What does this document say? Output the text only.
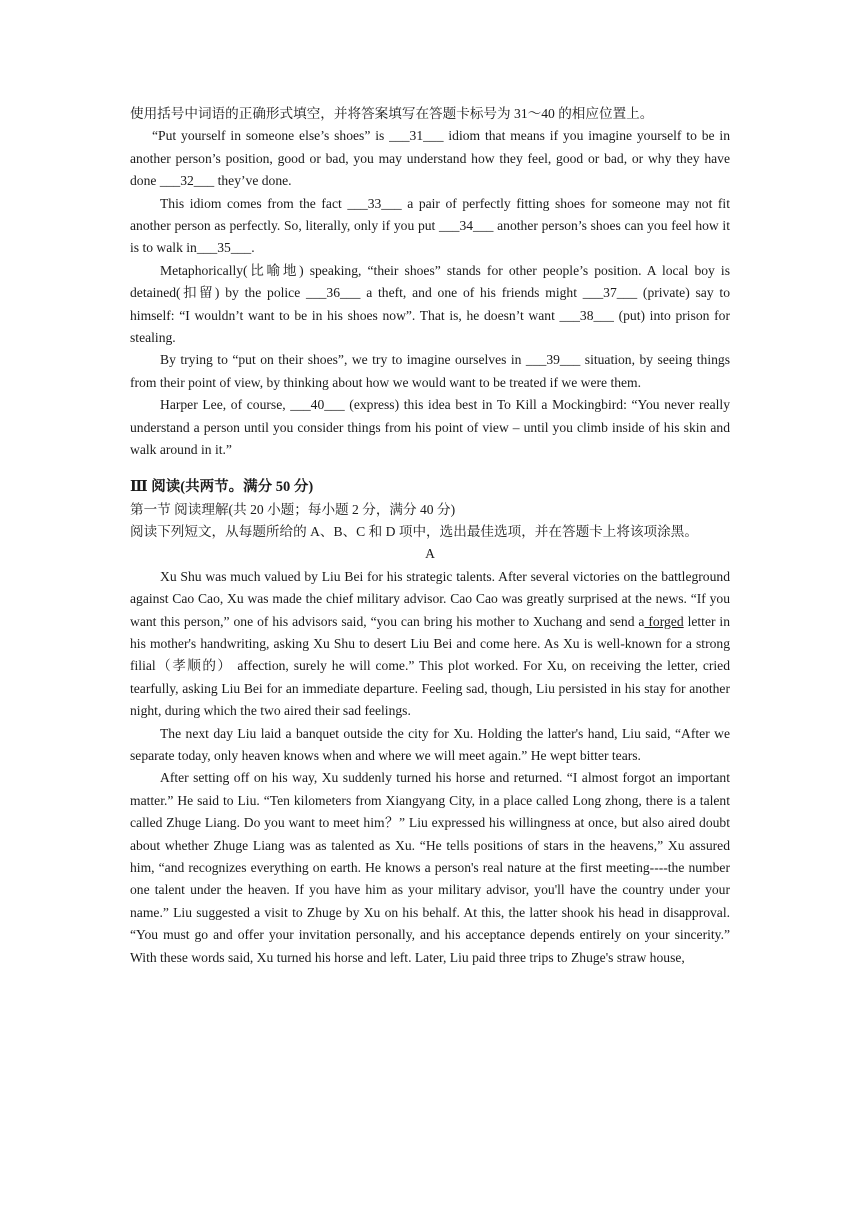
使用括号中词语的正确形式填空，并将答案填写在答题卡标号为 31～40 的相应位置上。

“Put yourself in someone else’s shoes” is ___31___ idiom that means if you imagine yourself to be in another person’s position, good or bad, you may understand how they feel, good or bad, or why they have done ___32___ they’ve done.

This idiom comes from the fact ___33___ a pair of perfectly fitting shoes for someone may not fit another person as perfectly. So, literally, only if you put ___34___ another person’s shoes can you feel how it is to walk in___35___.

Metaphorically(比喻地) speaking, “their shoes” stands for other people’s position. A local boy is detained(扣留) by the police ___36___ a theft, and one of his friends might ___37___ (private) say to himself: “I wouldn’t want to be in his shoes now”. That is, he doesn’t want ___38___ (put) into prison for stealing.

By trying to “put on their shoes”, we try to imagine ourselves in ___39___ situation, by seeing things from their point of view, by thinking about how we would want to be treated if we were them.

Harper Lee, of course, ___40___ (express) this idea best in To Kill a Mockingbird: “You never really understand a person until you consider things from his point of view – until you climb inside of his skin and walk around in it.”

Ⅲ 阅读(共两节。满分 50 分)

第一节 阅读理解(共 20 小题；每小题 2 分，满分 40 分)

阅读下列短文，从每题所给的 A、B、C 和 D 项中，选出最佳选项，并在答题卡上将该项涂黑。

A

Xu Shu was much valued by Liu Bei for his strategic talents. After several victories on the battleground against Cao Cao, Xu was made the chief military advisor. Cao Cao was greatly surprised at the news. “If you want this person,” one of his advisors said, “you can bring his mother to Xuchang and send a forged letter in his mother's handwriting, asking Xu Shu to desert Liu Bei and come here. As Xu is well-known for a strong filial（孝顺的） affection, surely he will come.” This plot worked. For Xu, on receiving the letter, cried tearfully, asking Liu Bei for an immediate departure. Feeling sad, though, Liu persisted in his stay for another night, during which the two aired their sad feelings.

The next day Liu laid a banquet outside the city for Xu. Holding the latter's hand, Liu said, “After we separate today, only heaven knows when and where we will meet again.” He wept bitter tears.

After setting off on his way, Xu suddenly turned his horse and returned. “I almost forgot an important matter.” He said to Liu. “Ten kilometers from Xiangyang City, in a place called Long zhong, there is a talent called Zhuge Liang. Do you want to meet him？” Liu expressed his willingness at once, but also aired doubt about whether Zhuge Liang was as talented as Xu. “He tells positions of stars in the heavens,” Xu assured him, “and recognizes everything on earth. He knows a person's real nature at the first meeting----the number one talent under the heaven. If you have him as your military advisor, you'll have the country under your name.” Liu suggested a visit to Zhuge by Xu on his behalf. At this, the latter shook his head in disapproval. “You must go and offer your invitation personally, and his acceptance depends entirely on your sincerity.” With these words said, Xu turned his horse and left. Later, Liu paid three trips to Zhuge's straw house,
